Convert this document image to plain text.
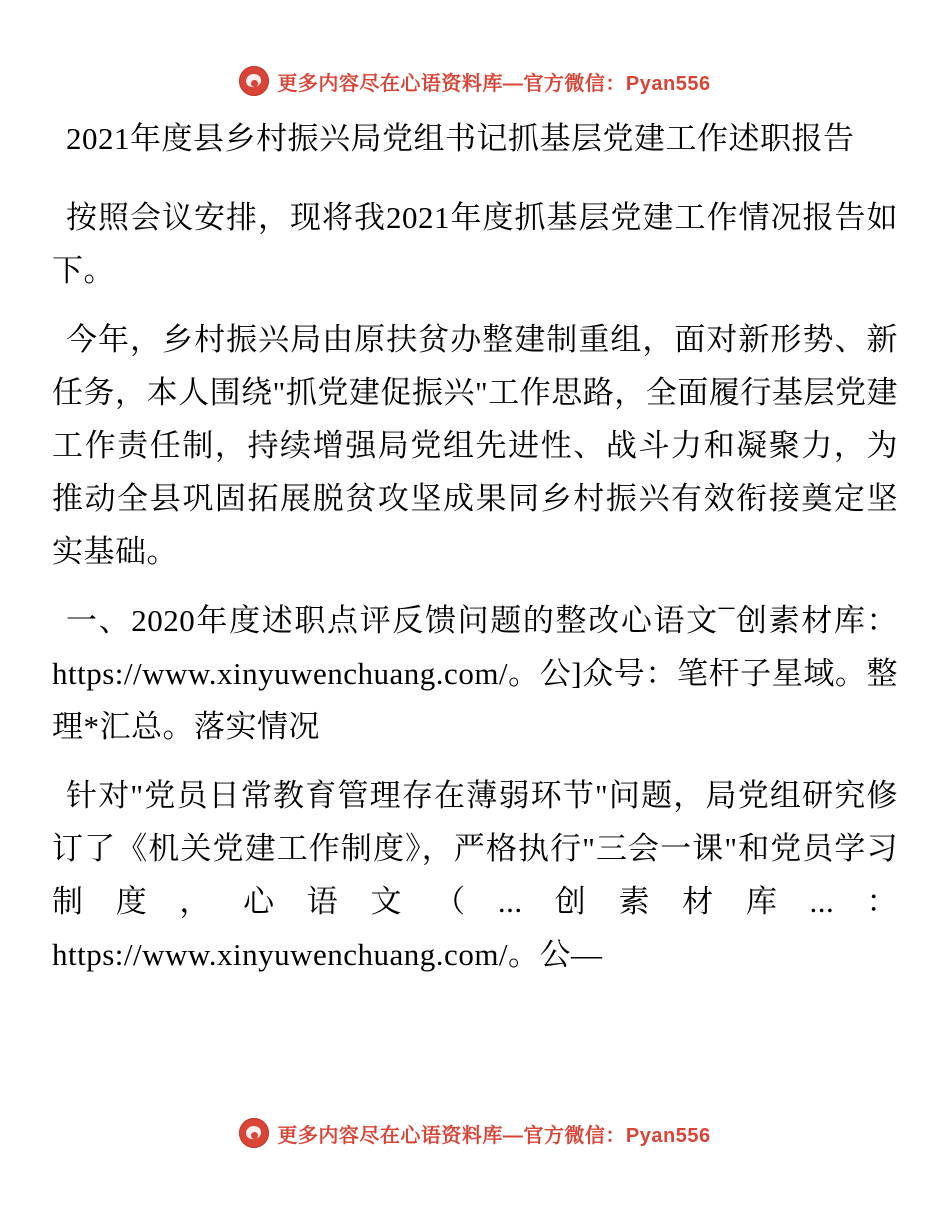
更多内容尽在心语资料库—官方微信：Pyan556

2021年度县乡村振兴局党组书记抓基层党建工作述职报告

按照会议安排，现将我2021年度抓基层党建工作情况报告如下。

今年，乡村振兴局由原扶贫办整建制重组，面对新形势、新任务，本人围绕"抓党建促振兴"工作思路，全面履行基层党建工作责任制，持续增强局党组先进性、战斗力和凝聚力，为推动全县巩固拓展脱贫攻坚成果同乡村振兴有效衔接奠定坚实基础。

一、2020年度述职点评反馈问题的整改心语文¯创素材库：https://www.xinyuwenchuang.com/。公]众号：笔杆子星域。整理*汇总。落实情况

针对"党员日常教育管理存在薄弱环节"问题，局党组研究修订了《机关党建工作制度》，严格执行"三会一课"和党员学习制度，心语文（...创素材库...：https://www.xinyuwenchuang.com/。公—

更多内容尽在心语资料库—官方微信：Pyan556
